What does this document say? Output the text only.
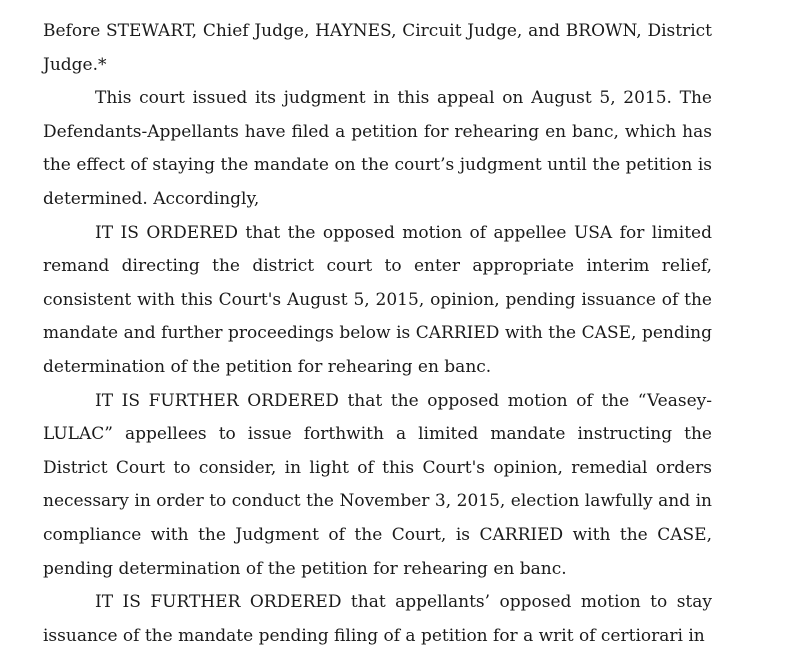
Before STEWART, Chief Judge, HAYNES, Circuit Judge, and BROWN, District Judge.*

This court issued its judgment in this appeal on August 5, 2015. The Defendants-Appellants have filed a petition for rehearing en banc, which has the effect of staying the mandate on the court’s judgment until the petition is determined. Accordingly,

IT IS ORDERED that the opposed motion of appellee USA for limited remand directing the district court to enter appropriate interim relief, consistent with this Court's August 5, 2015, opinion, pending issuance of the mandate and further proceedings below is CARRIED with the CASE, pending determination of the petition for rehearing en banc.

IT IS FURTHER ORDERED that the opposed motion of the “Veasey-LULAC” appellees to issue forthwith a limited mandate instructing the District Court to consider, in light of this Court's opinion, remedial orders necessary in order to conduct the November 3, 2015, election lawfully and in compliance with the Judgment of the Court, is CARRIED with the CASE, pending determination of the petition for rehearing en banc.

IT IS FURTHER ORDERED that appellants’ opposed motion to stay issuance of the mandate pending filing of a petition for a writ of certiorari in
